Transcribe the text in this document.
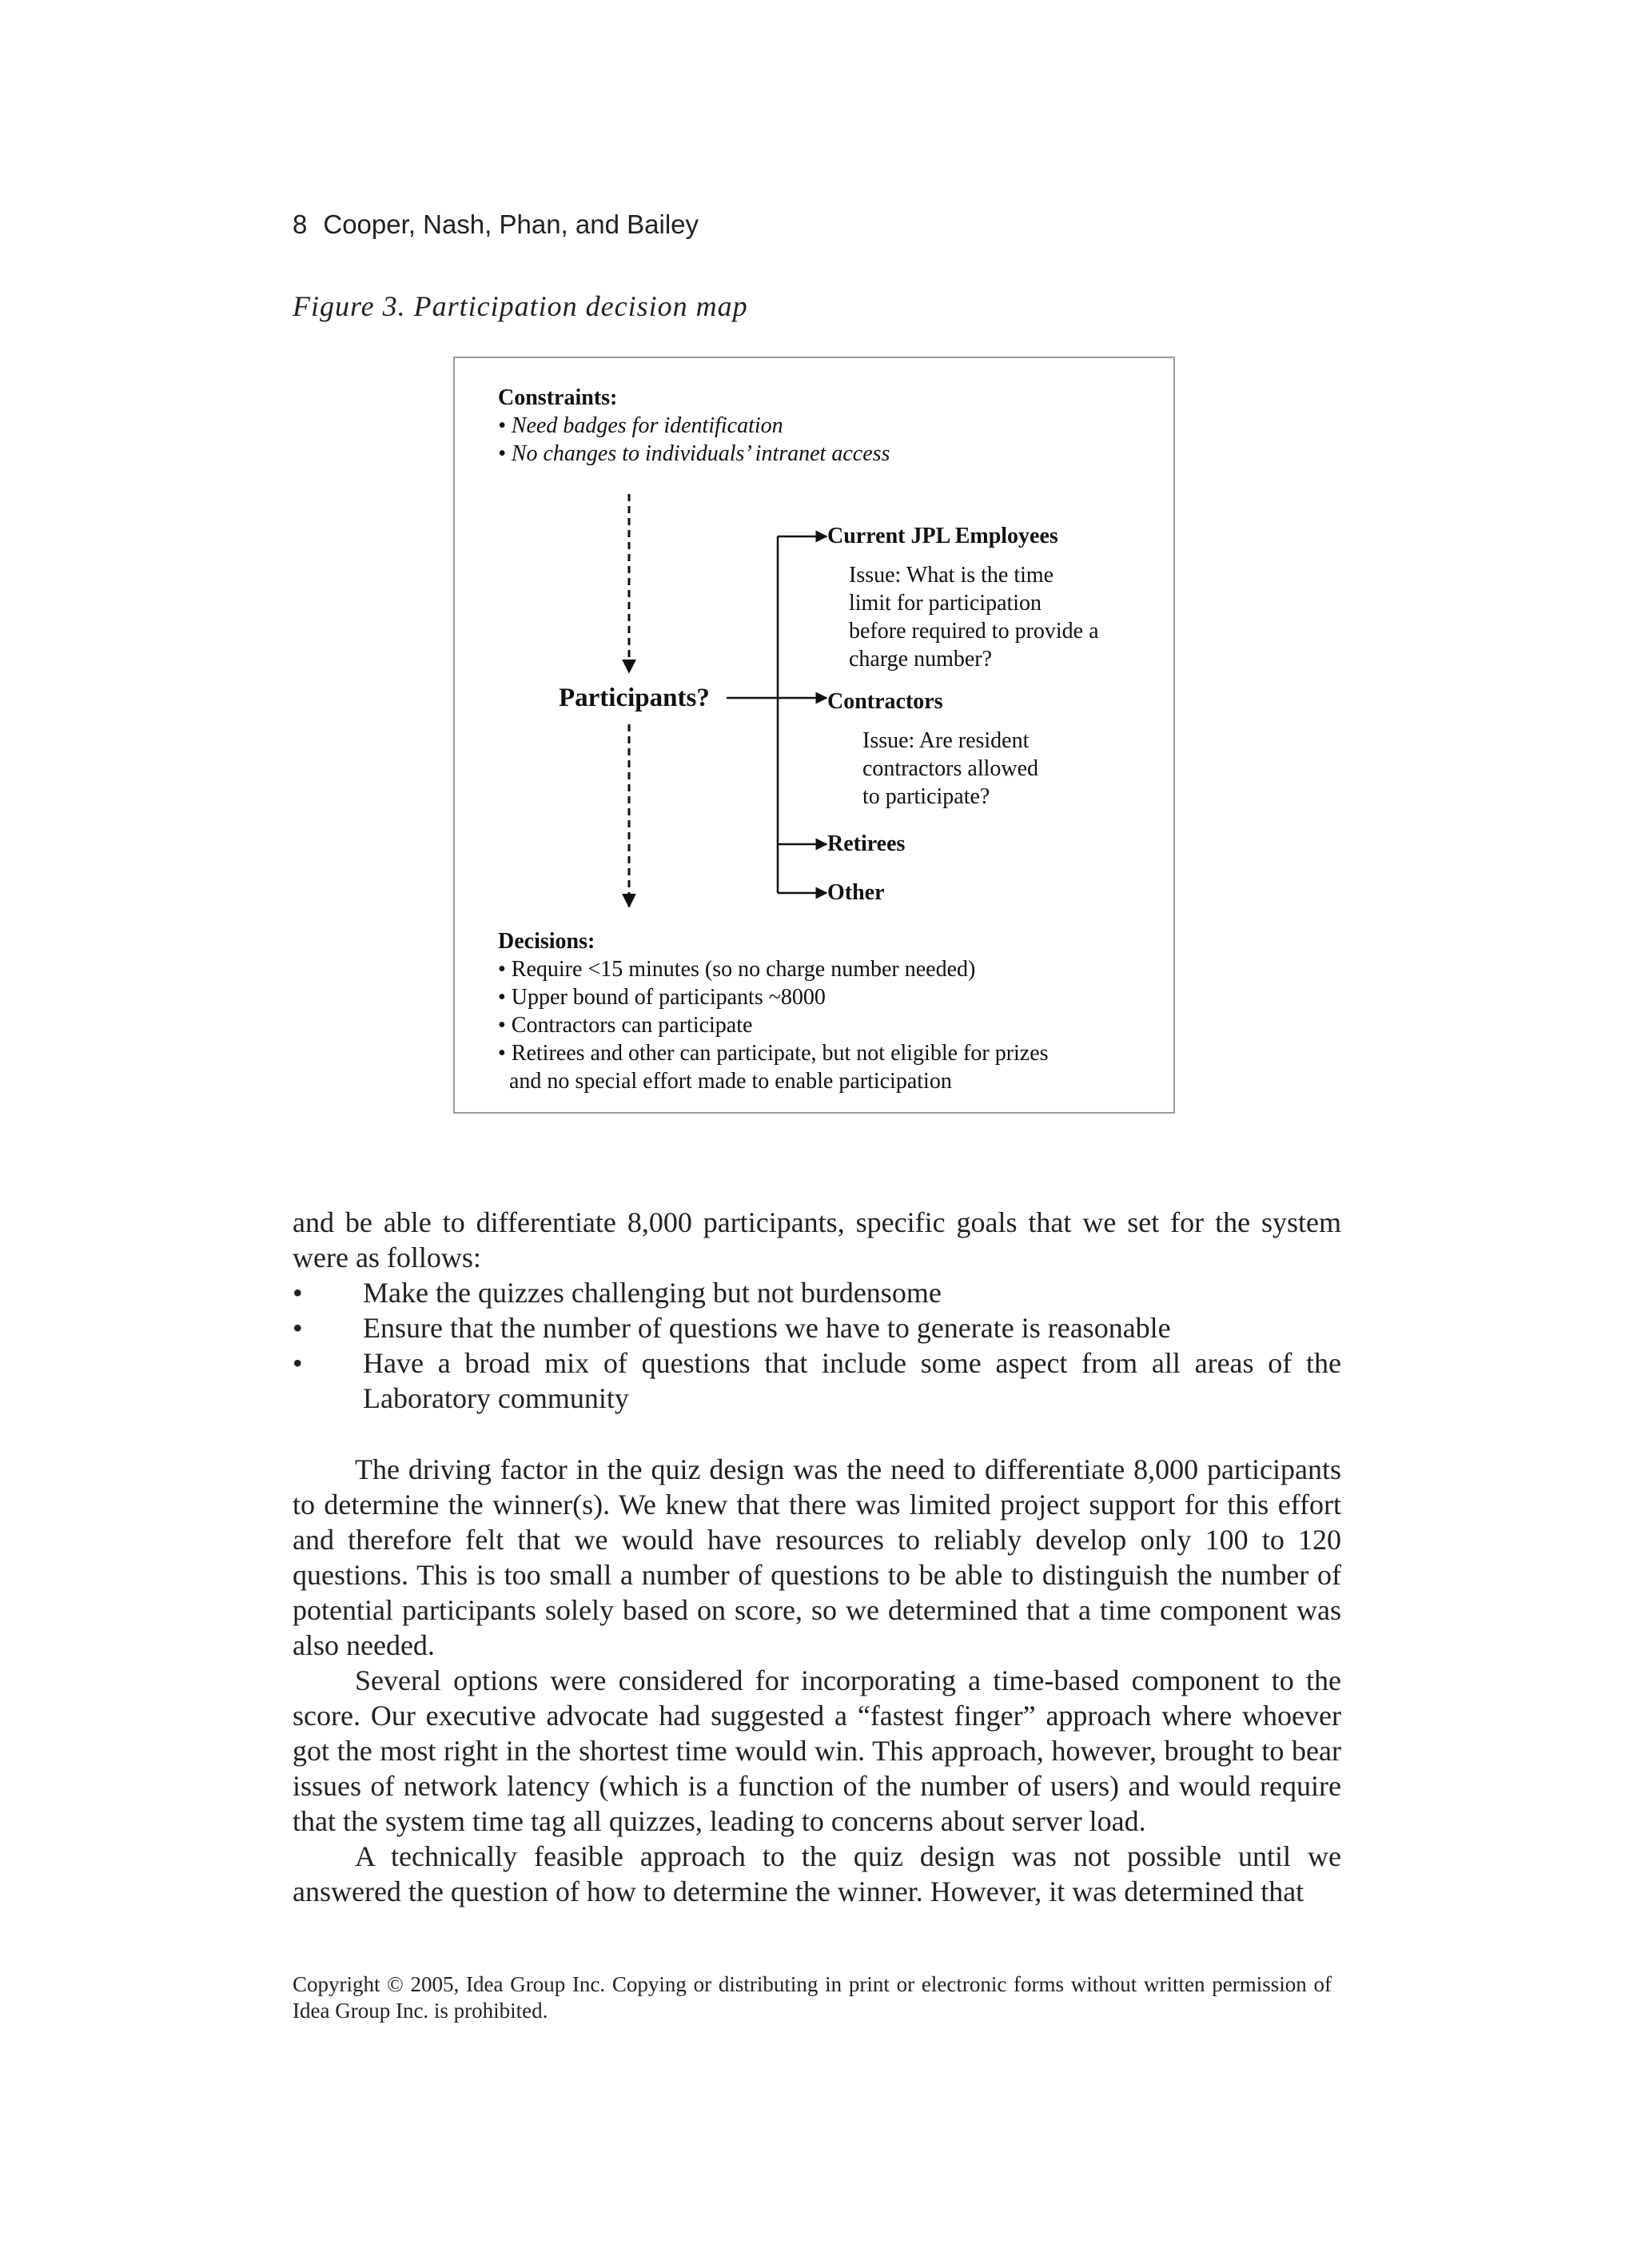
8 Cooper, Nash, Phan, and Bailey
Figure 3. Participation decision map
Constraints:
• Need badges for identification
• No changes to individuals’ intranet access
Current JPL Employees
Issue: What is the time
limit for participation
before required to provide a
charge number?
Participants?	Contractors
Issue: Are resident
contractors allowed
to participate?
Retirees
Other
Decisions:
• Require <15 minutes (so no charge number needed)
• Upper bound of participants ~8000
• Contractors can participate
• Retirees and other can participate, but not eligible for prizes
and no special effort made to enable participation
and be able to differentiate 8,000 participants, specific goals that we set for the system were as follows:
• Make the quizzes challenging but not burdensome
• Ensure that the number of questions we have to generate is reasonable
• Have a broad mix of questions that include some aspect from all areas of the Laboratory community
The driving factor in the quiz design was the need to differentiate 8,000 participants to determine the winner(s). We knew that there was limited project support for this effort and therefore felt that we would have resources to reliably develop only 100 to 120 questions. This is too small a number of questions to be able to distinguish the number of potential participants solely based on score, so we determined that a time component was also needed.
Several options were considered for incorporating a time-based component to the score. Our executive advocate had suggested a “fastest finger” approach where whoever got the most right in the shortest time would win. This approach, however, brought to bear issues of network latency (which is a function of the number of users) and would require that the system time tag all quizzes, leading to concerns about server load.
A technically feasible approach to the quiz design was not possible until we answered the question of how to determine the winner. However, it was determined that
Copyright © 2005, Idea Group Inc. Copying or distributing in print or electronic forms without written permission of Idea Group Inc. is prohibited.
